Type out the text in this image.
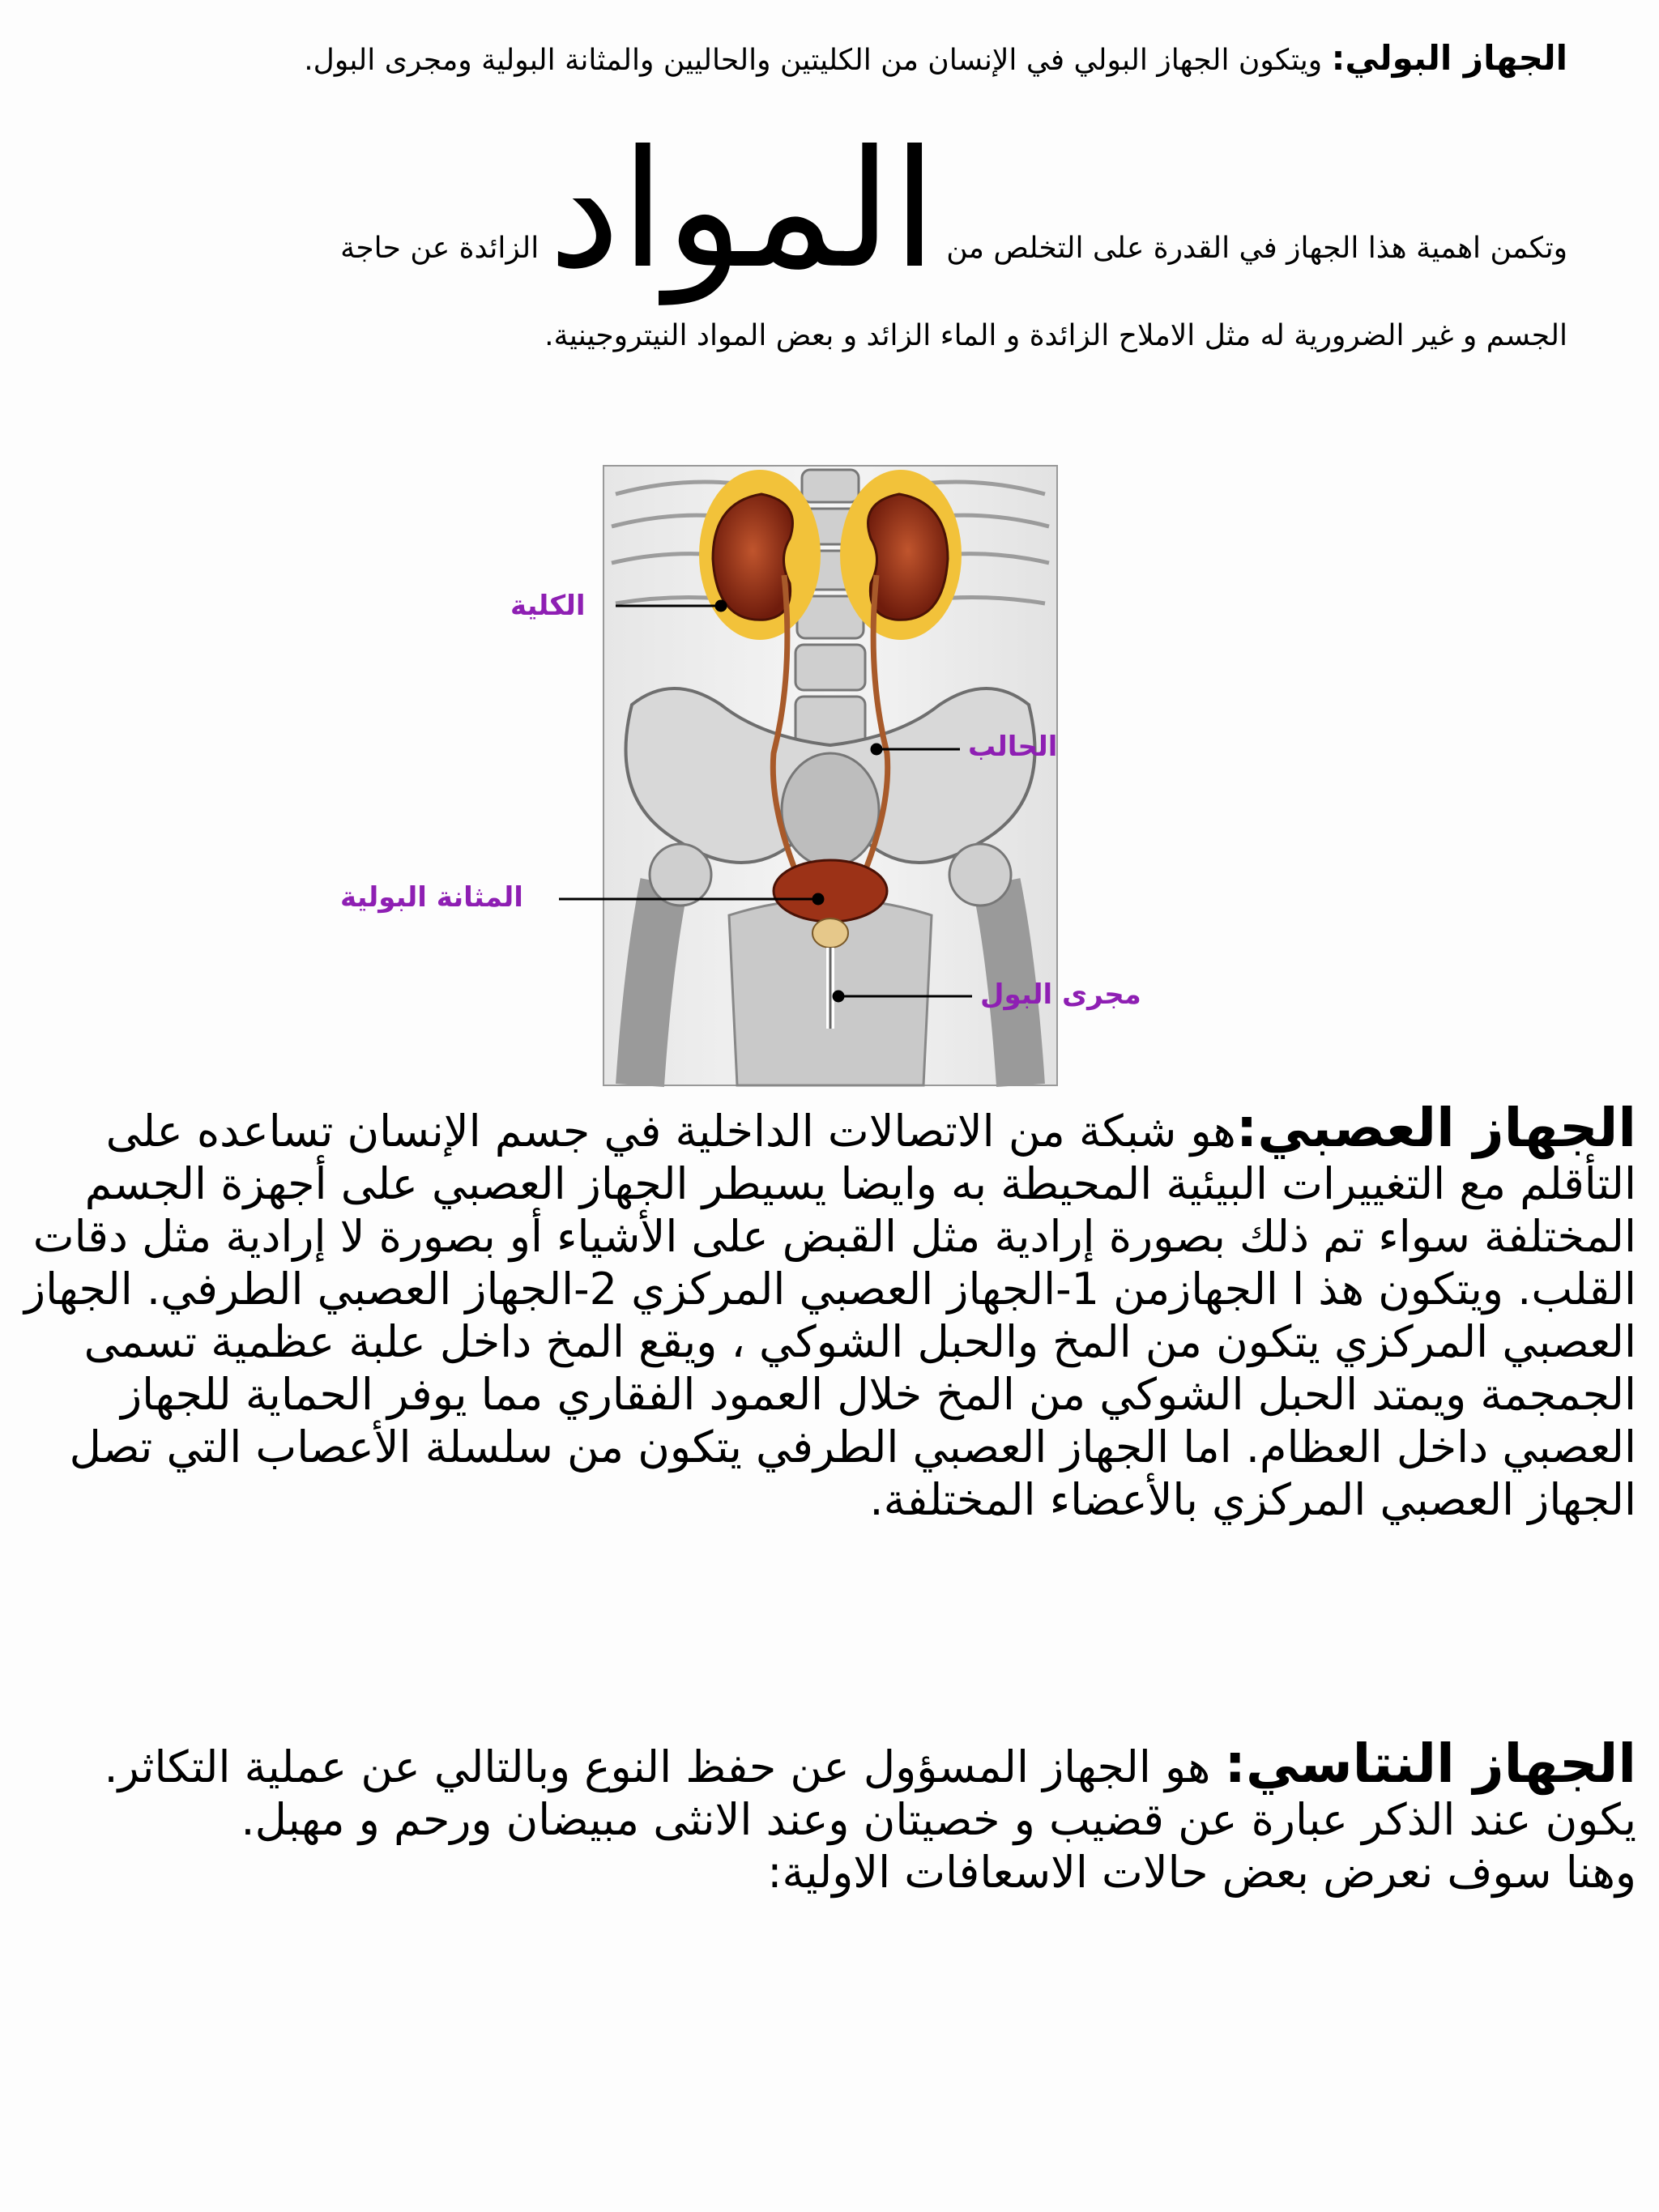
الجهاز البولي: ويتكون الجهاز البولي في الإنسان من الكليتين والحاليين والمثانة البولية ومجرى البول.
وتكمن اهمية هذا الجهاز في القدرة على التخلص من المواد الزائدة عن حاجة
الجسم و غير الضرورية له مثل الاملاح الزائدة و الماء الزائد و بعض المواد النيتروجينية.
الكلية
الحالب
المثانة البولية
مجرى البول
الجهاز العصبي:هو شبكة من الاتصالات الداخلية في جسم الإنسان تساعده على التأقلم مع التغييرات البيئية المحيطة به وايضا يسيطر الجهاز العصبي على أجهزة الجسم المختلفة سواء تم ذلك بصورة إرادية مثل القبض على الأشياء أو بصورة لا إرادية مثل دقات القلب. ويتكون هذ ا الجهازمن 1-الجهاز العصبي المركزي 2-الجهاز العصبي الطرفي. الجهاز العصبي المركزي يتكون من المخ والحبل الشوكي ، ويقع المخ داخل علبة عظمية تسمى الجمجمة ويمتد الحبل الشوكي من المخ خلال العمود الفقاري مما يوفر الحماية للجهاز العصبي داخل العظام. اما الجهاز العصبي الطرفي يتكون من سلسلة الأعصاب التي تصل الجهاز العصبي المركزي بالأعضاء المختلفة.
الجهاز النتاسي: هو الجهاز المسؤول عن حفظ النوع وبالتالي عن عملية التكاثر. يكون عند الذكر عبارة عن قضيب و خصيتان وعند الانثى مبيضان ورحم و مهبل.
وهنا سوف نعرض بعض حالات الاسعافات الاولية:
